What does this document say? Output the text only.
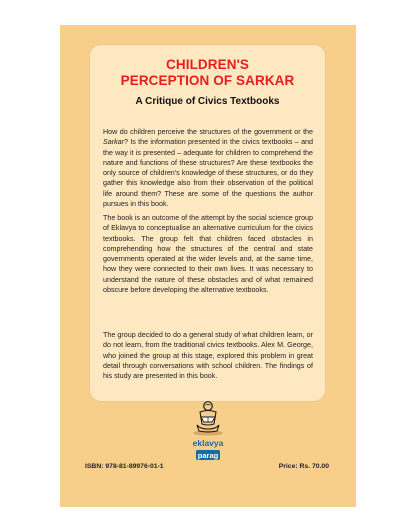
CHILDREN'S
PERCEPTION OF SARKAR
A Critique of Civics Textbooks

How do children perceive the structures of the government or the Sarkar? Is the information presented in the civics textbooks – and the way it is presented – adequate for children to comprehend the nature and functions of these structures? Are these textbooks the only source of children's knowledge of these structures, or do they gather this knowledge also from their observation of the political life around them? These are some of the questions the author pursues in this book.

The book is an outcome of the attempt by the social science group of Eklavya to conceptualise an alternative curriculum for the civics textbooks. The group felt that children faced obstacles in comprehending how the structures of the central and state governments operated at the wider levels and, at the same time, how they were connected to their own lives. It was necessary to understand the nature of these obstacles and of what remained obscure before developing the alternative textbooks.

The group decided to do a general study of what children learn, or do not learn, from the traditional civics textbooks. Alex M. George, who joined the group at this stage, explored this problem in great detail through conversations with school children. The findings of his study are presented in this book.

eklavya
parag
ISBN: 978-81-89976-01-1	Price: Rs. 70.00
